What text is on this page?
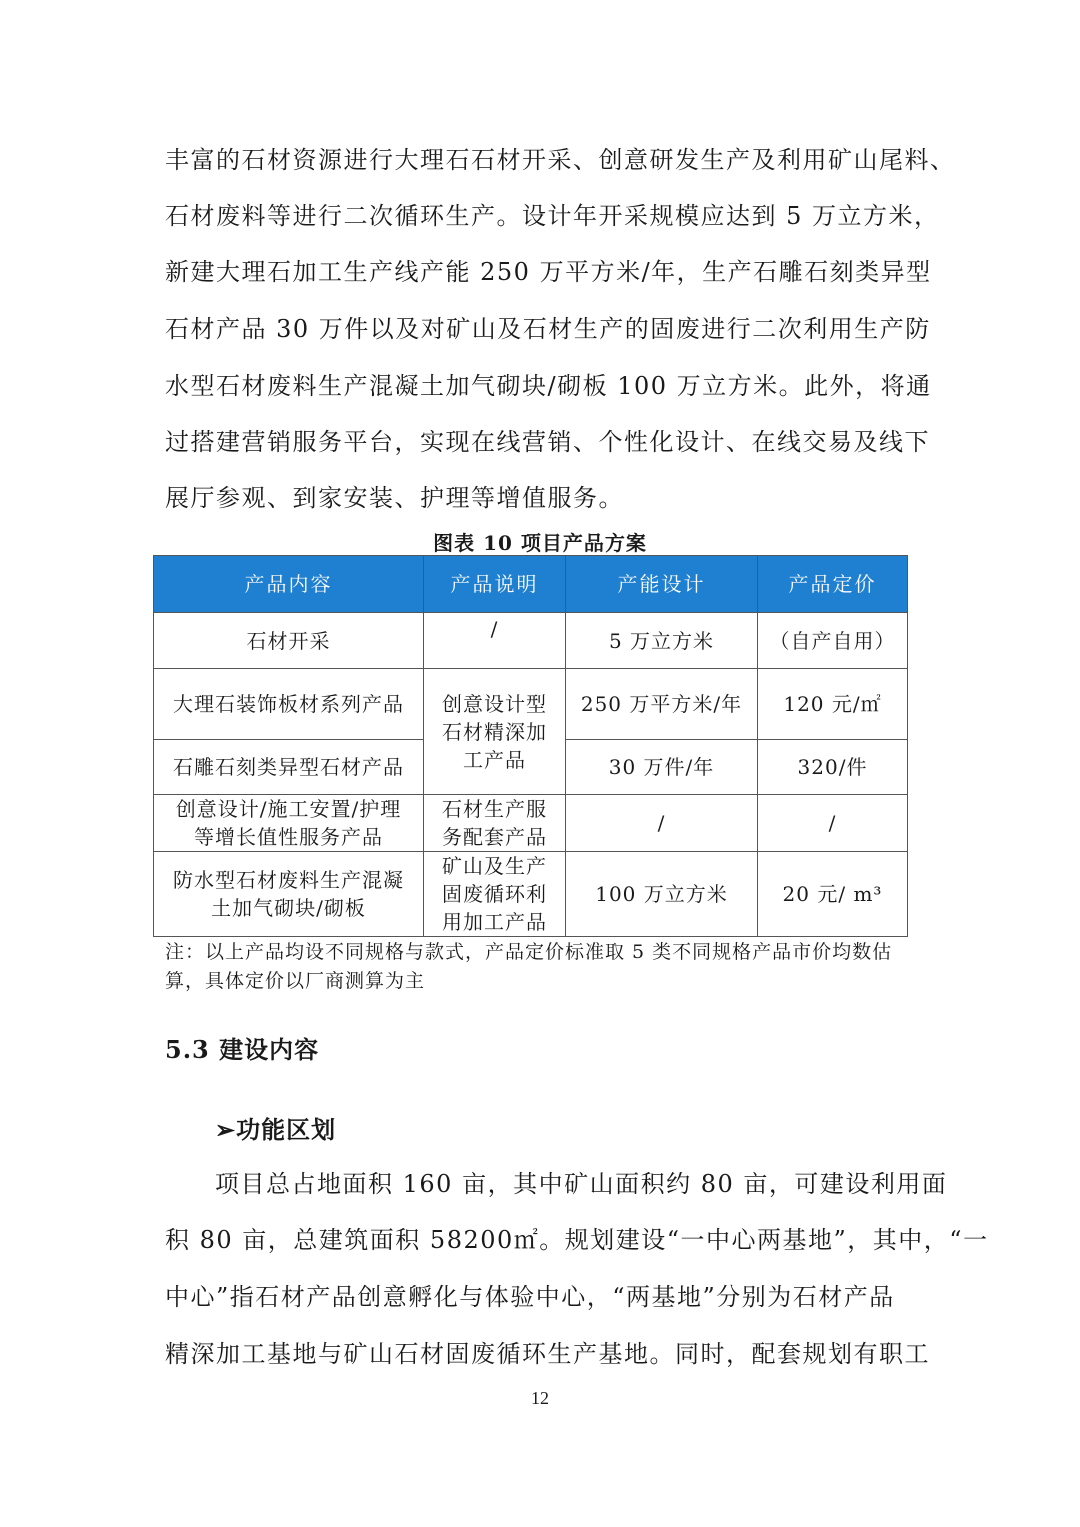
丰富的石材资源进行大理石石材开采、创意研发生产及利用矿山尾料、
石材废料等进行二次循环生产。设计年开采规模应达到 5 万立方米，
新建大理石加工生产线产能 250 万平方米/年，生产石雕石刻类异型
石材产品 30 万件以及对矿山及石材生产的固废进行二次利用生产防
水型石材废料生产混凝土加气砌块/砌板 100 万立方米。此外，将通
过搭建营销服务平台，实现在线营销、个性化设计、在线交易及线下
展厅参观、到家安装、护理等增值服务。
图表 10 项目产品方案
产品内容	产品说明	产能设计	产品定价
石材开采	/	5 万立方米	（自产自用）
大理石装饰板材系列产品	创意设计型石材精深加工产品	250 万平方米/年	120 元/㎡
石雕石刻类异型石材产品		30 万件/年	320/件
创意设计/施工安置/护理等增长值性服务产品	石材生产服务配套产品	/	/
防水型石材废料生产混凝土加气砌块/砌板	矿山及生产固废循环利用加工产品	100 万立方米	20 元/ m³
注：以上产品均设不同规格与款式，产品定价标准取 5 类不同规格产品市价均数估算，具体定价以厂商测算为主
5.3 建设内容
➢功能区划
项目总占地面积 160 亩，其中矿山面积约 80 亩，可建设利用面
积 80 亩，总建筑面积 58200㎡。规划建设“一中心两基地”，其中，“一
中心”指石材产品创意孵化与体验中心，“两基地”分别为石材产品
精深加工基地与矿山石材固废循环生产基地。同时，配套规划有职工
12
